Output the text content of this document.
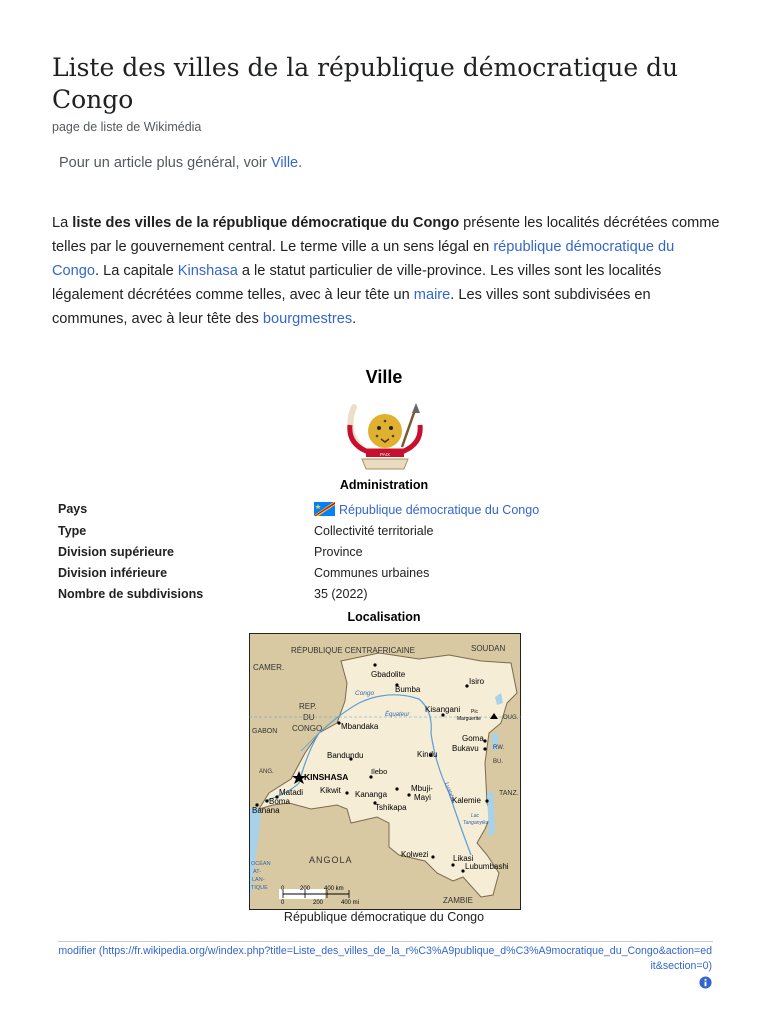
Liste des villes de la république démocratique du Congo
page de liste de Wikimédia
Pour un article plus général, voir Ville.

La liste des villes de la république démocratique du Congo présente les localités décrétées comme telles par le gouvernement central. Le terme ville a un sens légal en république démocratique du Congo. La capitale Kinshasa a le statut particulier de ville-province. Les villes sont les localités légalement décrétées comme telles, avec à leur tête un maire. Les villes sont subdivisées en communes, avec à leur tête des bourgmestres.

Ville
PAIX
Administration
Pays	République démocratique du Congo
Type	Collectivité territoriale
Division supérieure	Province
Division inférieure	Communes urbaines
Nombre de subdivisions	35 (2022)
Localisation
RÉPUBLIQUE CENTRAFRICAINE	SOUDAN
CAMER.
REP.
DU
CONGO
GABON
ANG.
ANGOLA
ZAMBIE
OUG.
RW.
BU.
TANZ.
OCÉAN
AT-
LAN-
TIQUE
Congo
Équateur
Lualaba
Lac
Tanganyika
Gbadolite
Bumba
Isiro
Kisangani Pic
Marguerite
Mbandaka
Bandundu
Ilebo
KINSHASA
Kindu
Goma
Bukavu
Matadi
Boma
Banana
Kikwit Kananga
Mbuji-
Mayi
Tshikapa
Kalemie
Kolwezi	Likasi
Lubumbashi
0	200 400 km
0	200	400 mi
République démocratique du Congo
modifier (https://fr.wikipedia.org/w/index.php?title=Liste_des_villes_de_la_r%C3%A9publique_d%C3%A9mocratique_du_Congo&action=edit&section=0)
